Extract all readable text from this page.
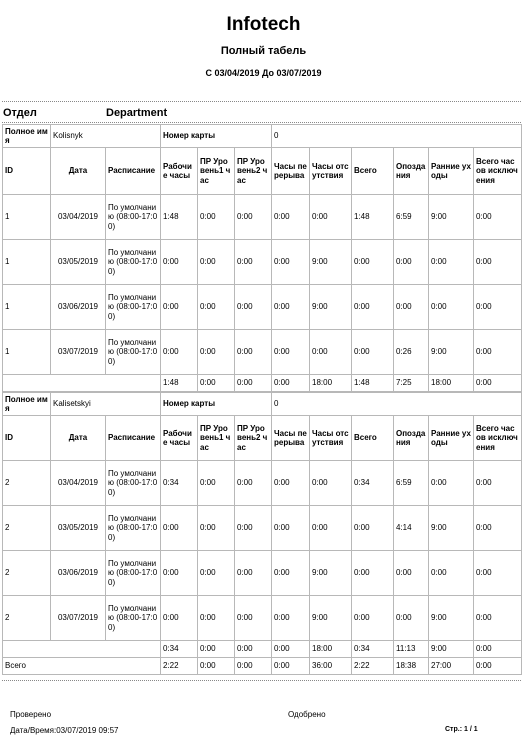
Infotech
Полный табель
С 03/04/2019 До 03/07/2019
Отдел	Department
Полное имя	Kolisnyk		Номер карты			0					
ID	Дата	Расписание	Рабочие часы	ПР Уровень1 час	ПР Уровень2 час	Часы перерыва	Часы отсутствия	Всего	Опоздания	Ранние уходы	Всего часов исключения
1	03/04/2019	По умолчанию (08:00-17:00)	1:48	0:00	0:00	0:00	0:00	1:48	6:59	9:00	0:00
1	03/05/2019	По умолчанию (08:00-17:00)	0:00	0:00	0:00	0:00	9:00	0:00	0:00	0:00	0:00
1	03/06/2019	По умолчанию (08:00-17:00)	0:00	0:00	0:00	0:00	9:00	0:00	0:00	0:00	0:00
1	03/07/2019	По умолчанию (08:00-17:00)	0:00	0:00	0:00	0:00	0:00	0:00	0:26	9:00	0:00
			1:48	0:00	0:00	0:00	18:00	1:48	7:25	18:00	0:00
Полное имя	Kalisetskyi		Номер карты			0					
ID	Дата	Расписание	Рабочие часы	ПР Уровень1 час	ПР Уровень2 час	Часы перерыва	Часы отсутствия	Всего	Опоздания	Ранние уходы	Всего часов исключения
2	03/04/2019	По умолчанию (08:00-17:00)	0:34	0:00	0:00	0:00	0:00	0:34	6:59	0:00	0:00
2	03/05/2019	По умолчанию (08:00-17:00)	0:00	0:00	0:00	0:00	0:00	0:00	4:14	9:00	0:00
2	03/06/2019	По умолчанию (08:00-17:00)	0:00	0:00	0:00	0:00	9:00	0:00	0:00	0:00	0:00
2	03/07/2019	По умолчанию (08:00-17:00)	0:00	0:00	0:00	0:00	9:00	0:00	0:00	9:00	0:00
			0:34	0:00	0:00	0:00	18:00	0:34	11:13	9:00	0:00
Всего			2:22	0:00	0:00	0:00	36:00	2:22	18:38	27:00	0:00
Проверено	Одобрено
Дата/Время:03/07/2019 09:57	Стр.: 1 / 1
